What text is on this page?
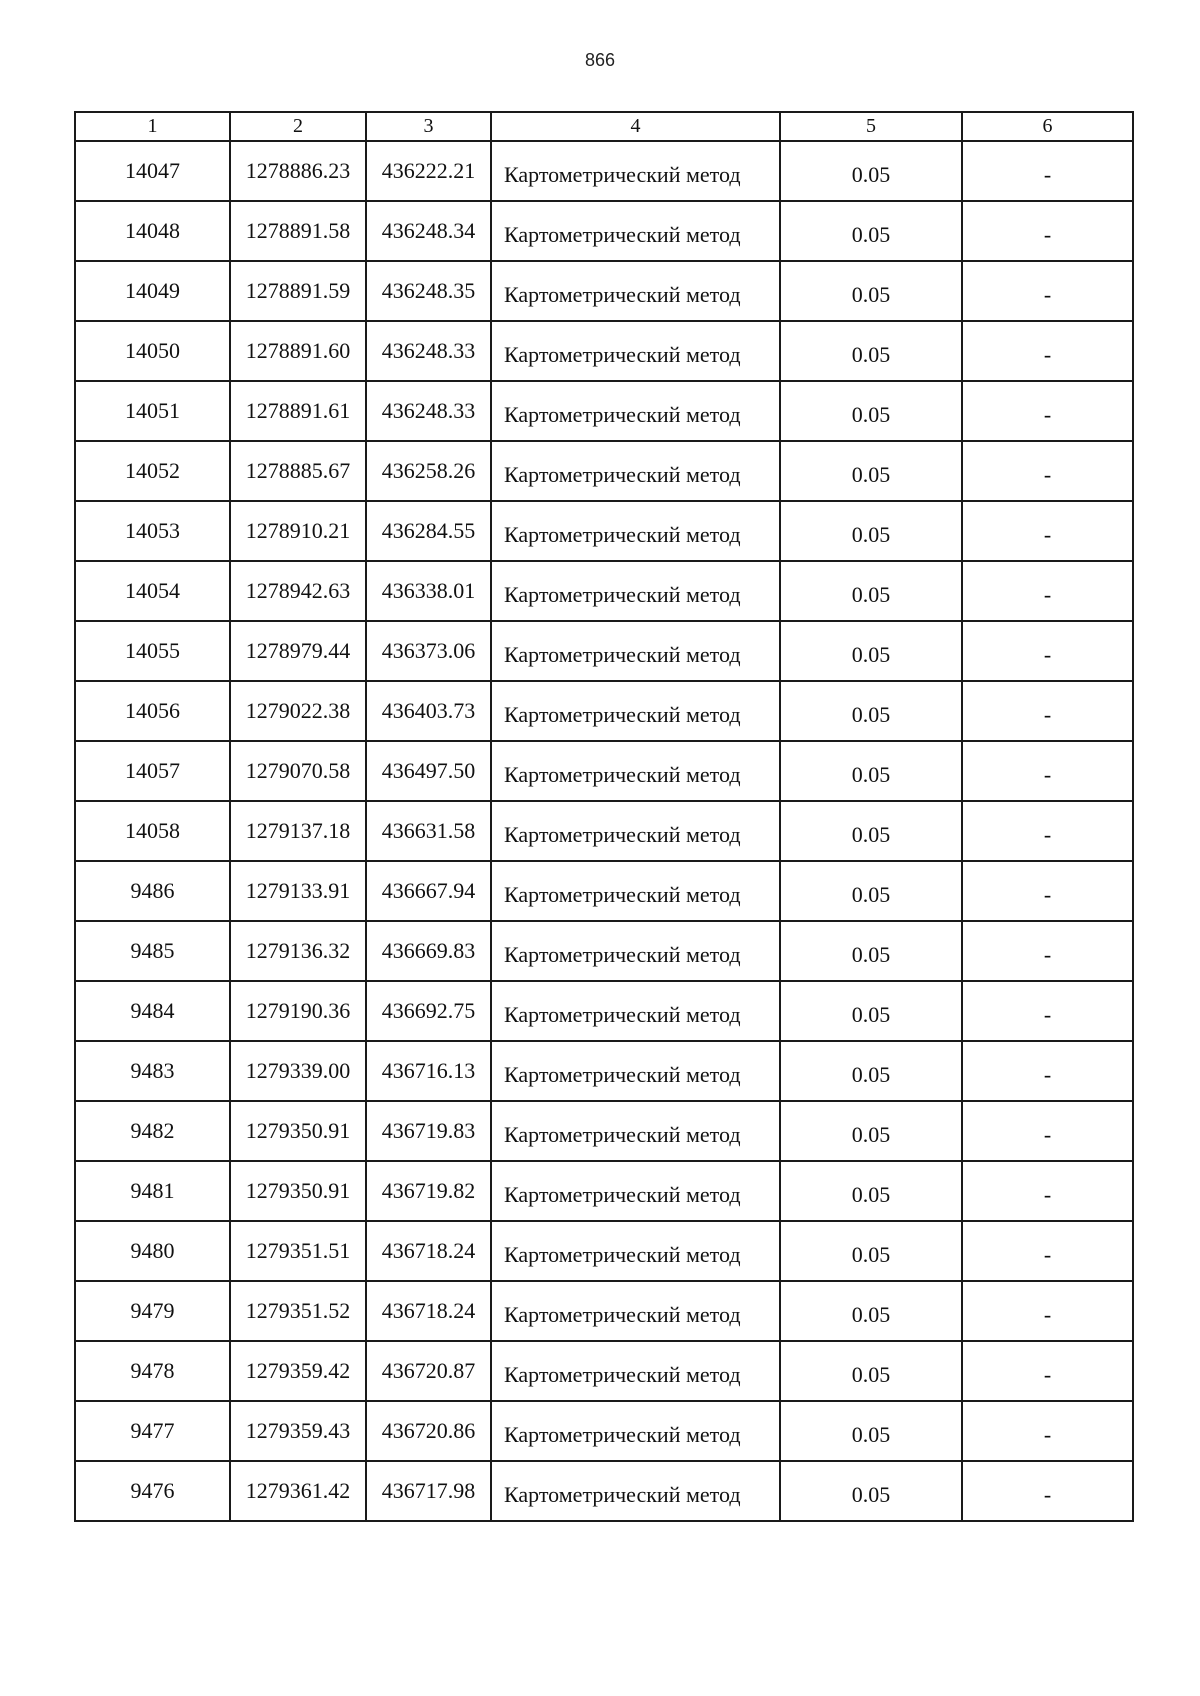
866
1	2	3	4	5	6
14047	1278886.23	436222.21	Картометрический метод	0.05	-
14048	1278891.58	436248.34	Картометрический метод	0.05	-
14049	1278891.59	436248.35	Картометрический метод	0.05	-
14050	1278891.60	436248.33	Картометрический метод	0.05	-
14051	1278891.61	436248.33	Картометрический метод	0.05	-
14052	1278885.67	436258.26	Картометрический метод	0.05	-
14053	1278910.21	436284.55	Картометрический метод	0.05	-
14054	1278942.63	436338.01	Картометрический метод	0.05	-
14055	1278979.44	436373.06	Картометрический метод	0.05	-
14056	1279022.38	436403.73	Картометрический метод	0.05	-
14057	1279070.58	436497.50	Картометрический метод	0.05	-
14058	1279137.18	436631.58	Картометрический метод	0.05	-
9486	1279133.91	436667.94	Картометрический метод	0.05	-
9485	1279136.32	436669.83	Картометрический метод	0.05	-
9484	1279190.36	436692.75	Картометрический метод	0.05	-
9483	1279339.00	436716.13	Картометрический метод	0.05	-
9482	1279350.91	436719.83	Картометрический метод	0.05	-
9481	1279350.91	436719.82	Картометрический метод	0.05	-
9480	1279351.51	436718.24	Картометрический метод	0.05	-
9479	1279351.52	436718.24	Картометрический метод	0.05	-
9478	1279359.42	436720.87	Картометрический метод	0.05	-
9477	1279359.43	436720.86	Картометрический метод	0.05	-
9476	1279361.42	436717.98	Картометрический метод	0.05	-
